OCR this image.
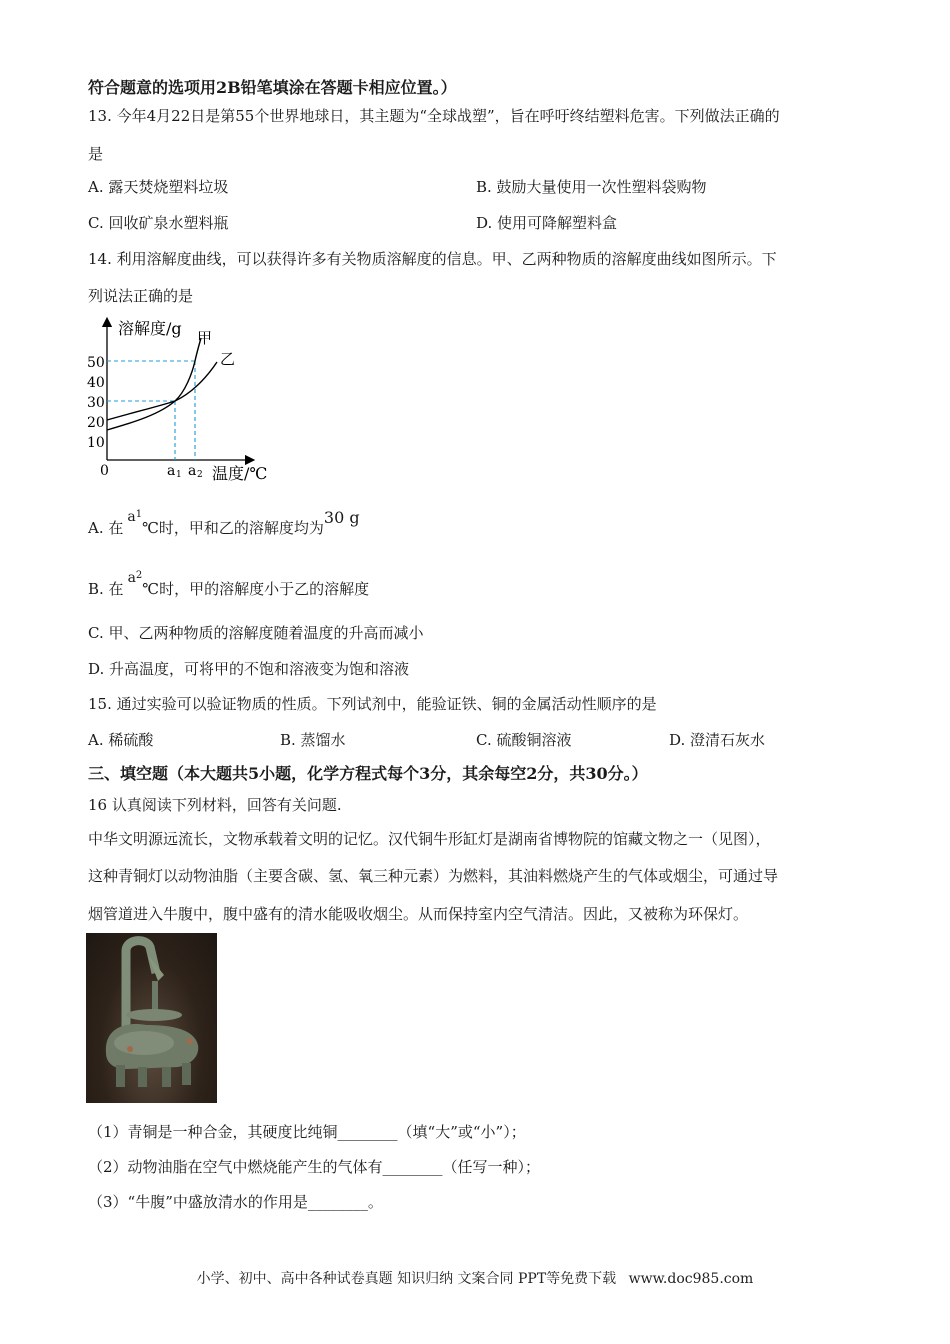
符合题意的选项用2B铅笔填涂在答题卡相应位置。）
13. 今年4月22日是第55个世界地球日，其主题为“全球战塑”，旨在呼吁终结塑料危害。下列做法正确的
是
A. 露天焚烧塑料垃圾	B. 鼓励大量使用一次性塑料袋购物
C. 回收矿泉水塑料瓶	D. 使用可降解塑料盒
14. 利用溶解度曲线，可以获得许多有关物质溶解度的信息。甲、乙两种物质的溶解度曲线如图所示。下
列说法正确的是
溶解度/g 甲
乙
50
40
30
20
10
0	a 1 a 2 温度/℃
A. 在$a^1℃$时，甲和乙的溶解度均为30 g
B. 在$a^2℃$时，甲的溶解度小于乙的溶解度
C. 甲、乙两种物质的溶解度随着温度的升高而减小
D. 升高温度，可将甲的不饱和溶液变为饱和溶液
15. 通过实验可以验证物质的性质。下列试剂中，能验证铁、铜的金属活动性顺序的是
A. 稀硫酸	B. 蒸馏水	C. 硫酸铜溶液	D. 澄清石灰水
三、填空题（本大题共5小题，化学方程式每个3分，其余每空2分，共30分。）
16 认真阅读下列材料，回答有关问题.
中华文明源远流长，文物承载着文明的记忆。汉代铜牛形缸灯是湖南省博物院的馆藏文物之一（见图），
这种青铜灯以动物油脂（主要含碳、氢、氧三种元素）为燃料，其油料燃烧产生的气体或烟尘，可通过导
烟管道进入牛腹中，腹中盛有的清水能吸收烟尘。从而保持室内空气清洁。因此，又被称为环保灯。
（1）青铜是一种合金，其硬度比纯铜________（填“大”或“小”）；
（2）动物油脂在空气中燃烧能产生的气体有________（任写一种）；
（3）“牛腹”中盛放清水的作用是________。
小学、初中、高中各种试卷真题 知识归纳 文案合同 PPT等免费下载 www.doc985.com
